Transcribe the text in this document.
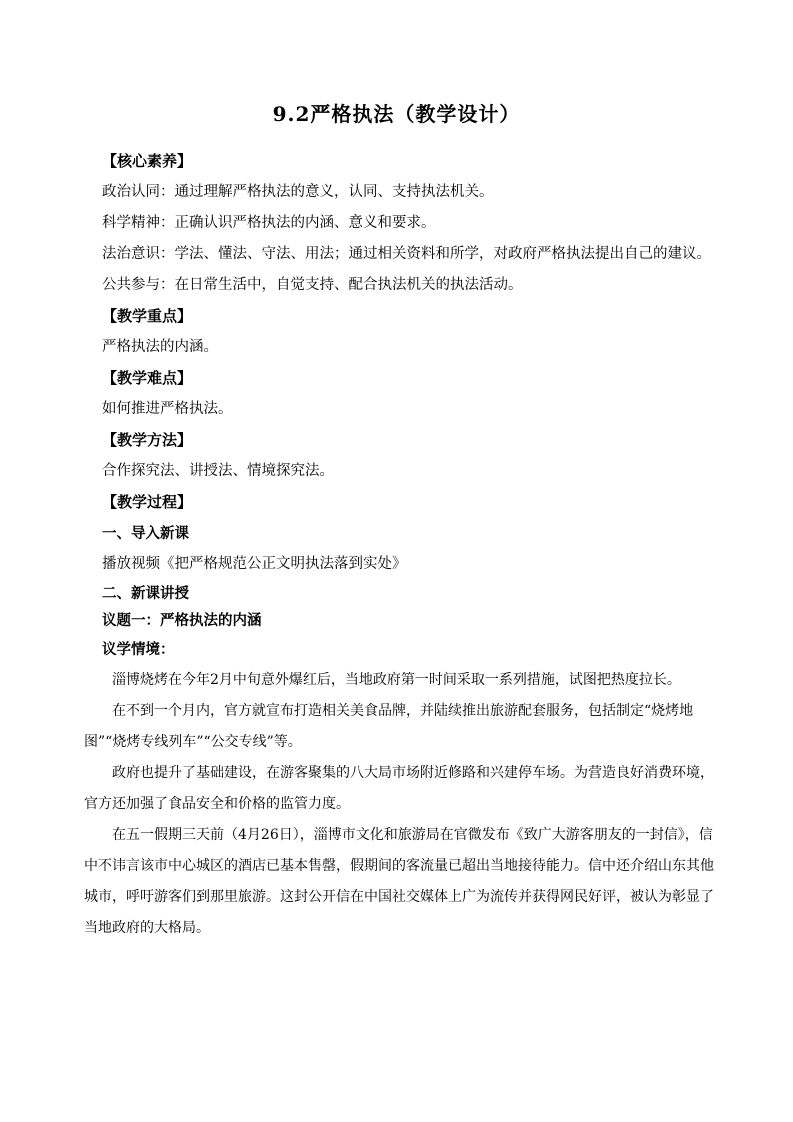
9.2严格执法（教学设计）

【核心素养】

政治认同：通过理解严格执法的意义，认同、支持执法机关。

科学精神：正确认识严格执法的内涵、意义和要求。

法治意识：学法、懂法、守法、用法；通过相关资料和所学，对政府严格执法提出自己的建议。

公共参与：在日常生活中，自觉支持、配合执法机关的执法活动。

【教学重点】

严格执法的内涵。

【教学难点】

如何推进严格执法。

【教学方法】

合作探究法、讲授法、情境探究法。

【教学过程】

一、导入新课

播放视频《把严格规范公正文明执法落到实处》

二、新课讲授

议题一：严格执法的内涵

议学情境：

淄博烧烤在今年2月中旬意外爆红后，当地政府第一时间采取一系列措施，试图把热度拉长。

在不到一个月内，官方就宣布打造相关美食品牌，并陆续推出旅游配套服务，包括制定“烧烤地图”“烧烤专线列车”“公交专线”等。

政府也提升了基础建设，在游客聚集的八大局市场附近修路和兴建停车场。为营造良好消费环境，官方还加强了食品安全和价格的监管力度。

在五一假期三天前（4月26日），淄博市文化和旅游局在官微发布《致广大游客朋友的一封信》，信中不讳言该市中心城区的酒店已基本售罄，假期间的客流量已超出当地接待能力。信中还介绍山东其他城市，呼吁游客们到那里旅游。这封公开信在中国社交媒体上广为流传并获得网民好评，被认为彰显了当地政府的大格局。
